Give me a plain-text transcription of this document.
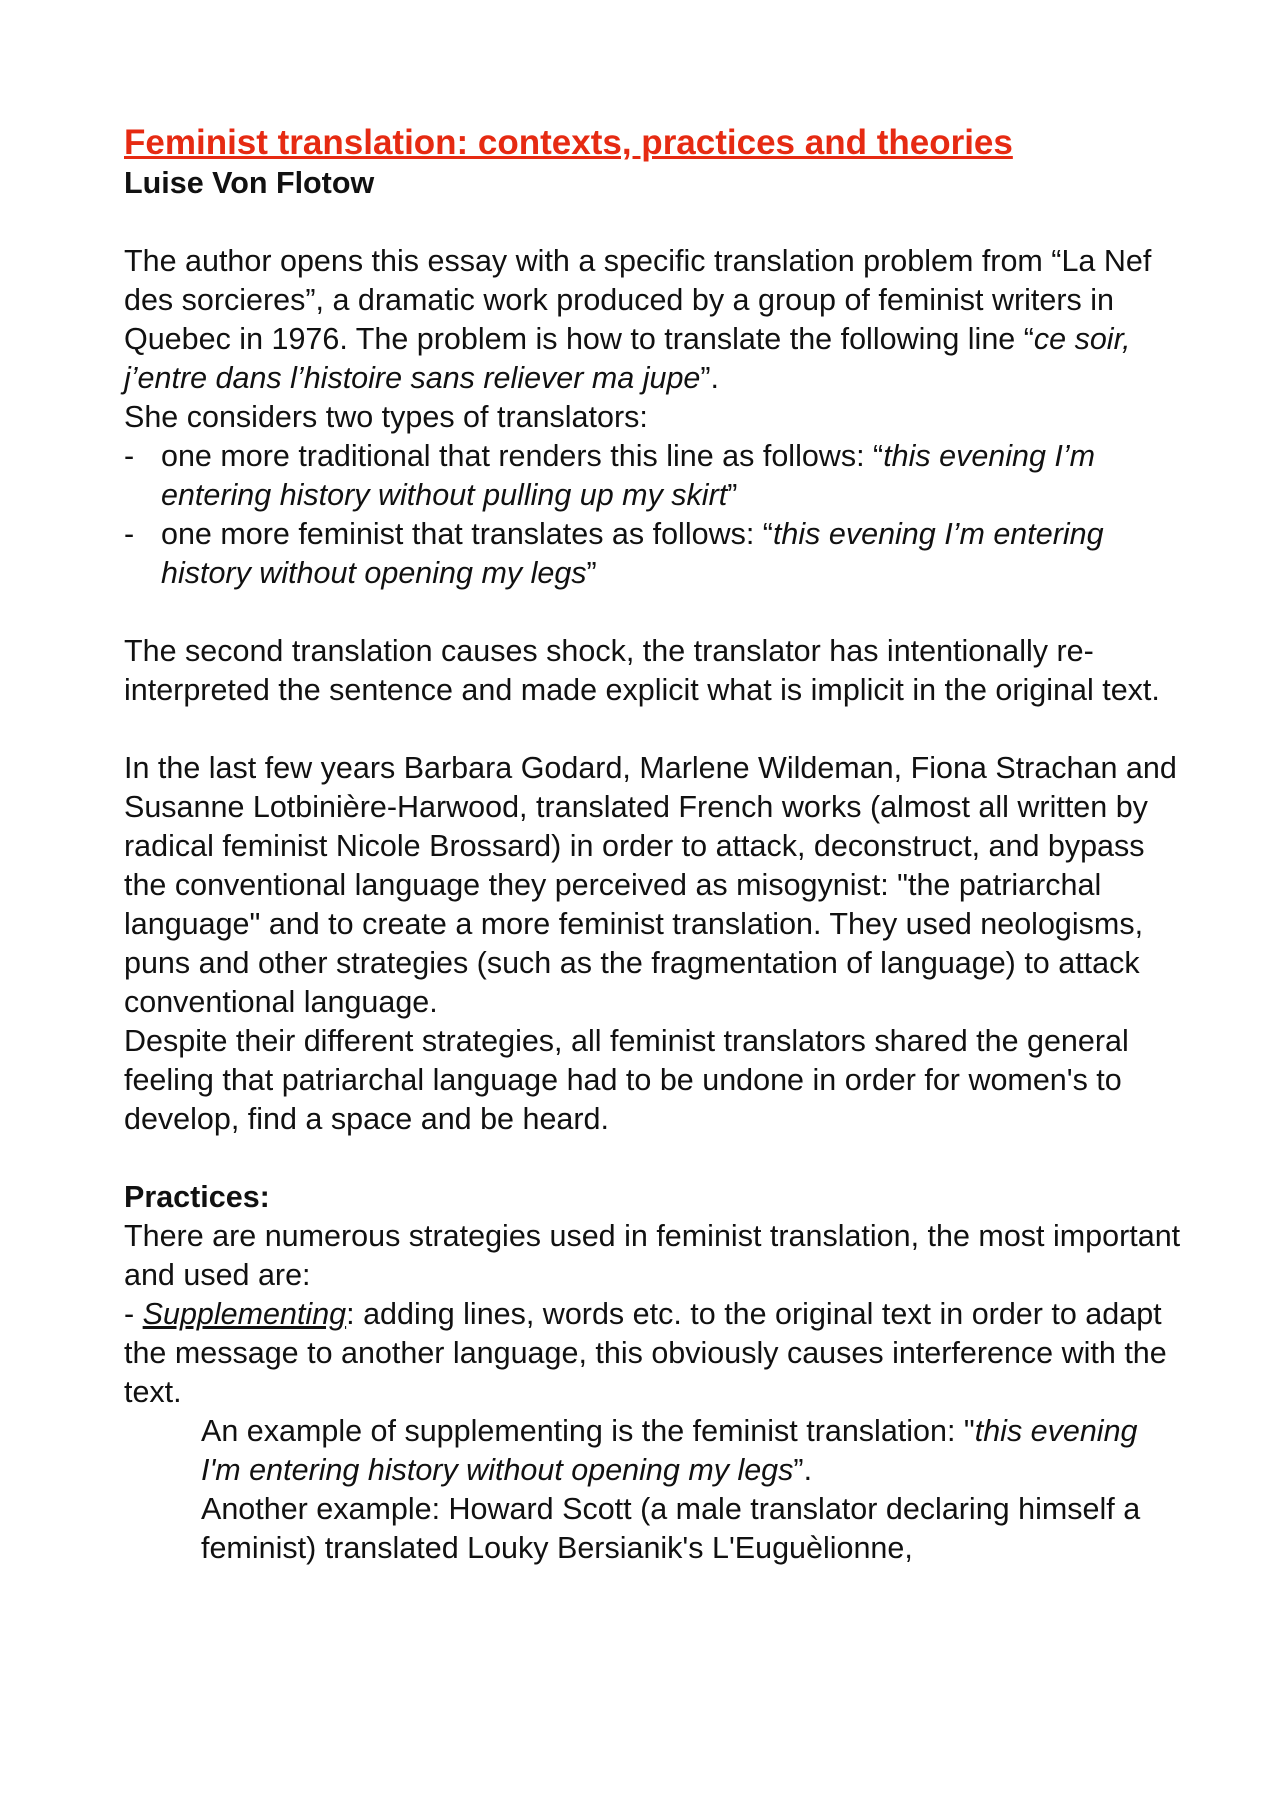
Feminist translation: contexts, practices and theories

Luise Von Flotow

The author opens this essay with a specific translation problem from “La Nef des sorcieres”, a dramatic work produced by a group of feminist writers in Quebec in 1976. The problem is how to translate the following line “ce soir, j’entre dans l’histoire sans reliever ma jupe”.

She considers two types of translators:

- one more traditional that renders this line as follows: “this evening I’m entering history without pulling up my skirt”
- one more feminist that translates as follows: “this evening I’m entering history without opening my legs”

The second translation causes shock, the translator has intentionally re-interpreted the sentence and made explicit what is implicit in the original text.

In the last few years Barbara Godard, Marlene Wildeman, Fiona Strachan and Susanne Lotbinière-Harwood, translated French works (almost all written by radical feminist Nicole Brossard) in order to attack, deconstruct, and bypass the conventional language they perceived as misogynist: "the patriarchal language" and to create a more feminist translation. They used neologisms, puns and other strategies (such as the fragmentation of language) to attack conventional language.

Despite their different strategies, all feminist translators shared the general feeling that patriarchal language had to be undone in order for women's to develop, find a space and be heard.

Practices:

There are numerous strategies used in feminist translation, the most important and used are:

- Supplementing: adding lines, words etc. to the original text in order to adapt the message to another language, this obviously causes interference with the text.

An example of supplementing is the feminist translation: "this evening I'm entering history without opening my legs”.

Another example: Howard Scott (a male translator declaring himself a feminist) translated Louky Bersianik's L'Euguèlionne,
